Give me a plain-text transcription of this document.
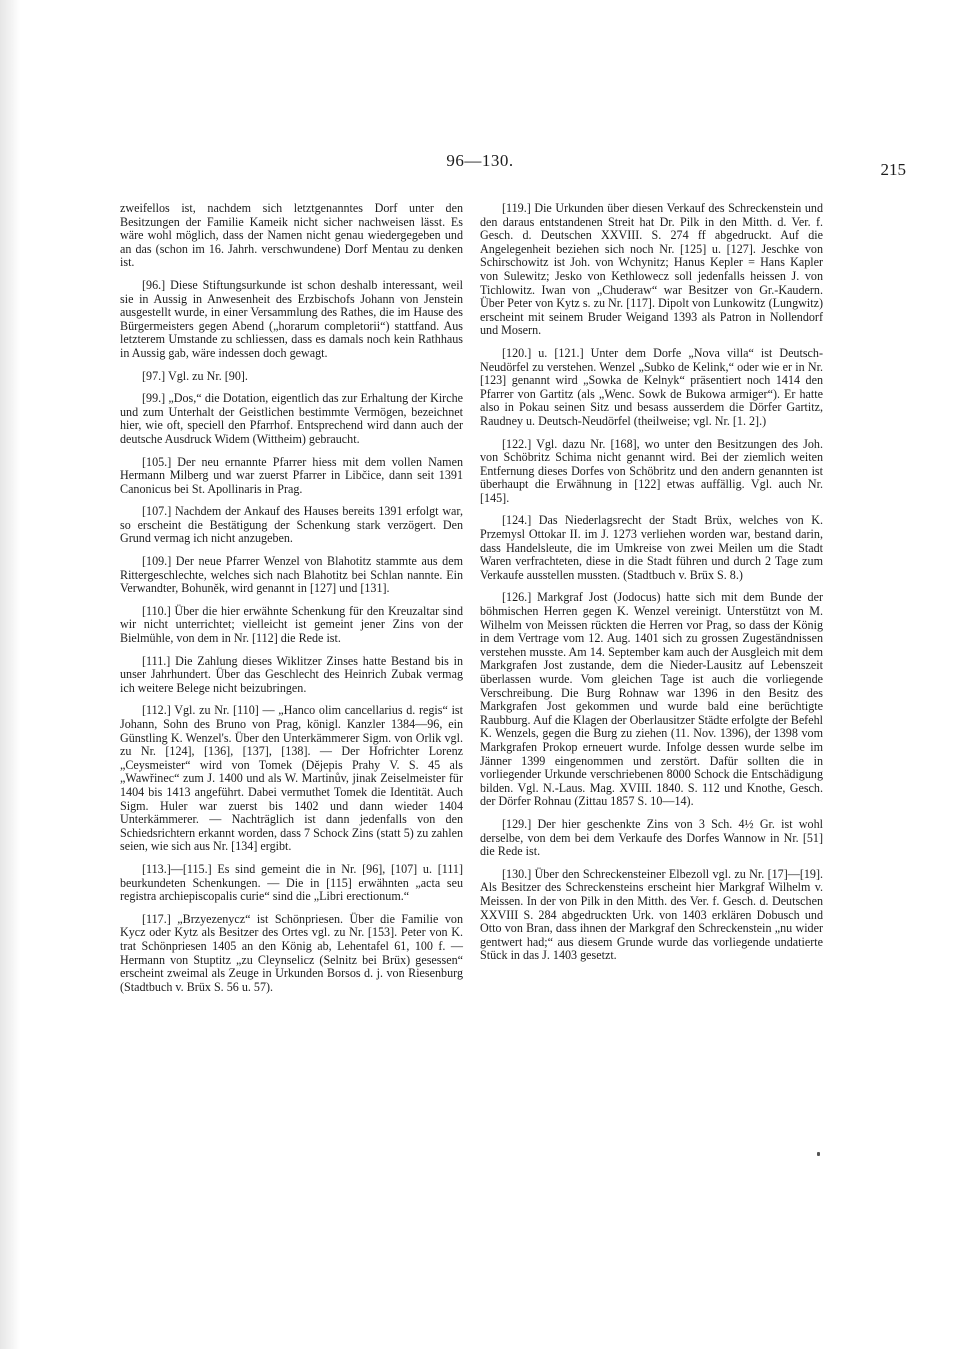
96—130.	215

zweifellos ist, nachdem sich letztgenanntes Dorf unter den Besitzungen der Familie Kameik nicht sicher nachweisen lässt. Es wäre wohl möglich, dass der Namen nicht genau wiedergegeben und an das (schon im 16. Jahrh. verschwundene) Dorf Mentau zu denken ist.

[96.] Diese Stiftungsurkunde ist schon deshalb interessant, weil sie in Aussig in Anwesenheit des Erzbischofs Johann von Jenstein ausgestellt wurde, in einer Versammlung des Rathes, die im Hause des Bürgermeisters gegen Abend („horarum completorii“) stattfand. Aus letzterem Umstande zu schliessen, dass es damals noch kein Rathhaus in Aussig gab, wäre indessen doch gewagt.

[97.] Vgl. zu Nr. [90].

[99.] „Dos,“ die Dotation, eigentlich das zur Erhaltung der Kirche und zum Unterhalt der Geistlichen bestimmte Vermögen, bezeichnet hier, wie oft, speciell den Pfarrhof. Entsprechend wird dann auch der deutsche Ausdruck Widem (Wittheim) gebraucht.

[105.] Der neu ernannte Pfarrer hiess mit dem vollen Namen Hermann Milberg und war zuerst Pfarrer in Libčice, dann seit 1391 Canonicus bei St. Apollinaris in Prag.

[107.] Nachdem der Ankauf des Hauses bereits 1391 erfolgt war, so erscheint die Bestätigung der Schenkung stark verzögert. Den Grund vermag ich nicht anzugeben.

[109.] Der neue Pfarrer Wenzel von Blahotitz stammte aus dem Rittergeschlechte, welches sich nach Blahotitz bei Schlan nannte. Ein Verwandter, Bohuněk, wird genannt in [127] und [131].

[110.] Über die hier erwähnte Schenkung für den Kreuzaltar sind wir nicht unterrichtet; vielleicht ist gemeint jener Zins von der Bielmühle, von dem in Nr. [112] die Rede ist.

[111.] Die Zahlung dieses Wiklitzer Zinses hatte Bestand bis in unser Jahrhundert. Über das Geschlecht des Heinrich Zubak vermag ich weitere Belege nicht beizubringen.

[112.] Vgl. zu Nr. [110] — „Hanco olim cancellarius d. regis“ ist Johann, Sohn des Bruno von Prag, königl. Kanzler 1384—96, ein Günstling K. Wenzel's. Über den Unterkämmerer Sigm. von Orlik vgl. zu Nr. [124], [136], [137], [138]. — Der Hofrichter Lorenz „Ceysmeister“ wird von Tomek (Dějepis Prahy V. S. 45 als „Wawřinec“ zum J. 1400 und als W. Martinův, jinak Zeiselmeister für 1404 bis 1413 angeführt. Dabei vermuthet Tomek die Identität. Auch Sigm. Huler war zuerst bis 1402 und dann wieder 1404 Unterkämmerer. — Nachträglich ist dann jedenfalls von den Schiedsrichtern erkannt worden, dass 7 Schock Zins (statt 5) zu zahlen seien, wie sich aus Nr. [134] ergibt.

[113.]—[115.] Es sind gemeint die in Nr. [96], [107] u. [111] beurkundeten Schenkungen. — Die in [115] erwähnten „acta seu registra archiepiscopalis curie“ sind die „Libri erectionum.“

[117.] „Brzyezenycz“ ist Schönpriesen. Über die Familie von Kycz oder Kytz als Besitzer des Ortes vgl. zu Nr. [153]. Peter von K. trat Schönpriesen 1405 an den König ab, Lehentafel 61, 100 f. — Hermann von Stuptitz „zu Cleynselicz (Selnitz bei Brüx) gesessen“ erscheint zweimal als Zeuge in Urkunden Borsos d. j. von Riesenburg (Stadtbuch v. Brüx S. 56 u. 57).

[119.] Die Urkunden über diesen Verkauf des Schreckenstein und den daraus entstandenen Streit hat Dr. Pilk in den Mitth. d. Ver. f. Gesch. d. Deutschen XXVIII. S. 274 ff abgedruckt. Auf die Angelegenheit beziehen sich noch Nr. [125] u. [127]. Jeschke von Schirschowitz ist Joh. von Wchynitz; Hanus Kepler = Hans Kapler von Sulewitz; Jesko von Kethlowecz soll jedenfalls heissen J. von Tichlowitz. Iwan von „Chuderaw“ war Besitzer von Gr.-Kaudern. Über Peter von Kytz s. zu Nr. [117]. Dipolt von Lunkowitz (Lungwitz) erscheint mit seinem Bruder Weigand 1393 als Patron in Nollendorf und Mosern.

[120.] u. [121.] Unter dem Dorfe „Nova villa“ ist Deutsch-Neudörfel zu verstehen. Wenzel „Subko de Kelink,“ oder wie er in Nr. [123] genannt wird „Sowka de Kelnyk“ präsentiert noch 1414 den Pfarrer von Gartitz (als „Wenc. Sowk de Bukowa armiger“). Er hatte also in Pokau seinen Sitz und besass ausserdem die Dörfer Gartitz, Raudney u. Deutsch-Neudörfel (theilweise; vgl. Nr. [1. 2].)

[122.] Vgl. dazu Nr. [168], wo unter den Besitzungen des Joh. von Schöbritz Schima nicht genannt wird. Bei der ziemlich weiten Entfernung dieses Dorfes von Schöbritz und den andern genannten ist überhaupt die Erwähnung in [122] etwas auffällig. Vgl. auch Nr. [145].

[124.] Das Niederlagsrecht der Stadt Brüx, welches von K. Przemysl Ottokar II. im J. 1273 verliehen worden war, bestand darin, dass Handelsleute, die im Umkreise von zwei Meilen um die Stadt Waren verfrachteten, diese in die Stadt führen und durch 2 Tage zum Verkaufe ausstellen mussten. (Stadtbuch v. Brüx S. 8.)

[126.] Markgraf Jost (Jodocus) hatte sich mit dem Bunde der böhmischen Herren gegen K. Wenzel vereinigt. Unterstützt von M. Wilhelm von Meissen rückten die Herren vor Prag, so dass der König in dem Vertrage vom 12. Aug. 1401 sich zu grossen Zugeständnissen verstehen musste. Am 14. September kam auch der Ausgleich mit dem Markgrafen Jost zustande, dem die Nieder-Lausitz auf Lebenszeit überlassen wurde. Vom gleichen Tage ist auch die vorliegende Verschreibung. Die Burg Rohnaw war 1396 in den Besitz des Markgrafen Jost gekommen und wurde bald eine berüchtigte Raubburg. Auf die Klagen der Oberlausitzer Städte erfolgte der Befehl K. Wenzels, gegen die Burg zu ziehen (11. Nov. 1396), der 1398 vom Markgrafen Prokop erneuert wurde. Infolge dessen wurde selbe im Jänner 1399 eingenommen und zerstört. Dafür sollten die in vorliegender Urkunde verschriebenen 8000 Schock die Entschädigung bilden. Vgl. N.-Laus. Mag. XVIII. 1840. S. 112 und Knothe, Gesch. der Dörfer Rohnau (Zittau 1857 S. 10—14).

[129.] Der hier geschenkte Zins von 3 Sch. 4½ Gr. ist wohl derselbe, von dem bei dem Verkaufe des Dorfes Wannow in Nr. [51] die Rede ist.

[130.] Über den Schreckensteiner Elbezoll vgl. zu Nr. [17]—[19]. Als Besitzer des Schreckensteins erscheint hier Markgraf Wilhelm v. Meissen. In der von Pilk in den Mitth. des Ver. f. Gesch. d. Deutschen XXVIII S. 284 abgedruckten Urk. von 1403 erklären Dobusch und Otto von Bran, dass ihnen der Markgraf den Schreckenstein „nu wider gentwert had;“ aus diesem Grunde wurde das vorliegende undatierte Stück in das J. 1403 gesetzt.
